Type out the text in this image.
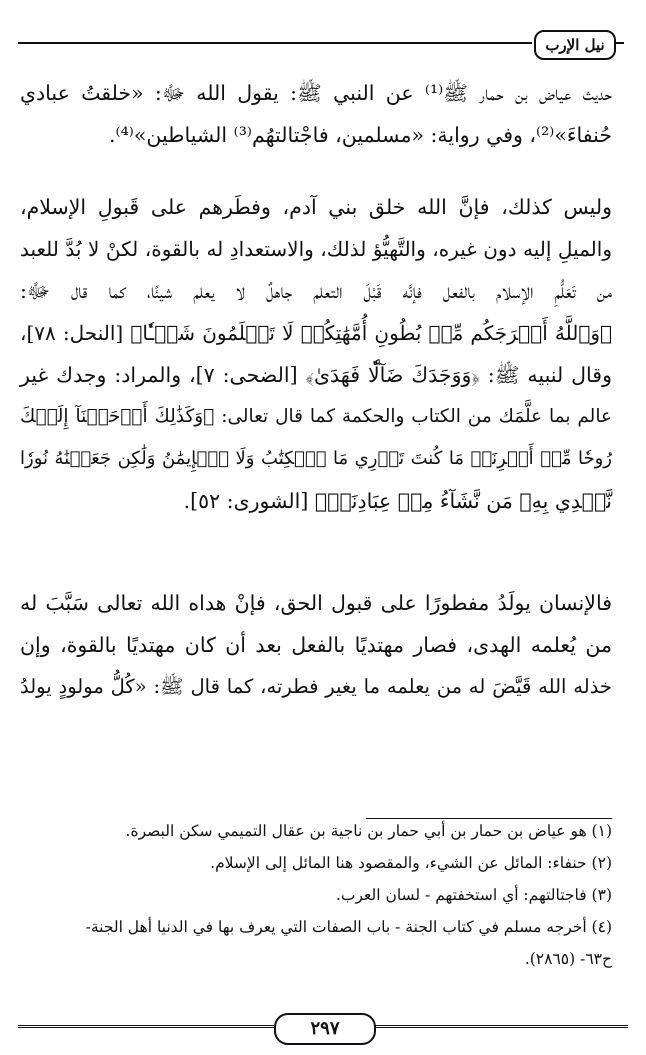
نيل الإرب
حديث عياض بن حمار ﷺ⁽¹⁾ عن النبي ﷺ: يقول الله ﷻ: «خلقتُ عبادي
حُنفاءَ»⁽²⁾، وفي رواية: «مسلمين، فاجْتالتهُم⁽³⁾ الشياطين»⁽⁴⁾.
وليس كذلك، فإنَّ الله خلق بني آدم، وفطَرهم على قَبولِ الإسلام،
والميلِ إليه دون غيره، والتَّهيُّؤ لذلك، والاستعدادِ له بالقوة، لكنْ لا بُدَّ للعبد
من تَعَلُّمِ الإسلام بالفعل فإنَّه قَبْلَ التعلم جاهلٌ لا يعلم شيئًا، كما قال ﷻ:
﴿وَٱللَّهُ أَخۡرَجَكُم مِّنۢ بُطُونِ أُمَّهَٰتِكُمۡ لَا تَعۡلَمُونَ شَيۡـٔٗا﴾ [النحل: ٧٨]،
وقال لنبيه ﷺ: ﴿وَوَجَدَكَ ضَآلّٗا فَهَدَىٰ﴾ [الضحى: ٧]، والمراد: وجدك غير
عالم بما علَّمَك من الكتاب والحكمة كما قال تعالى: ﴿وَكَذَٰلِكَ أَوۡحَيۡنَآ إِلَيۡكَ
رُوحٗا مِّنۡ أَمۡرِنَاۚ مَا كُنتَ تَدۡرِي مَا ٱلۡكِتَٰبُ وَلَا ٱلۡإِيمَٰنُ وَلَٰكِن جَعَلۡنَٰهُ نُورٗا
نَّهۡدِي بِهِۦ مَن نَّشَآءُ مِنۡ عِبَادِنَاۚ﴾ [الشورى: ٥٢].
فالإنسان يولَدُ مفطورًا على قبول الحق، فإنْ هداه الله تعالى سَبَّبَ له
من يُعلمه الهدى، فصار مهتديًا بالفعل بعد أن كان مهتديًا بالقوة، وإن
خذله الله قَيَّضَ له من يعلمه ما يغير فطرته، كما قال ﷺ: «كُلُّ مولودٍ يولدُ
(١) هو عياض بن حمار بن أبي حمار بن ناجية بن عقال التميمي سكن البصرة.
(٢) حنفاء: المائل عن الشيء، والمقصود هنا المائل إلى الإسلام.
(٣) فاجتالتهم: أي استخفتهم - لسان العرب.
(٤) أخرجه مسلم في كتاب الجنة - باب الصفات التي يعرف بها في الدنيا أهل الجنة-
ح٦٣- (٢٨٦٥).
٢٩٧
